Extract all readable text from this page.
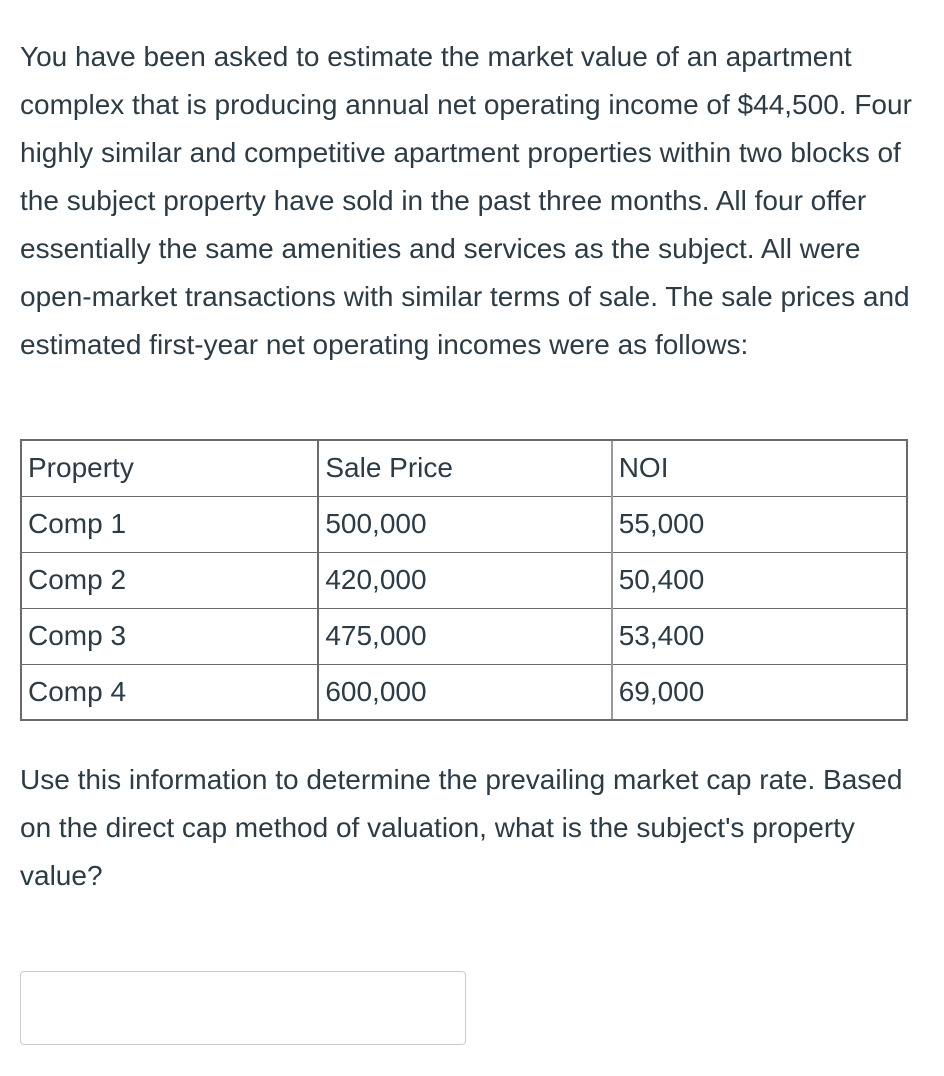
You have been asked to estimate the market value of an apartment complex that is producing annual net operating income of $44,500. Four highly similar and competitive apartment properties within two blocks of the subject property have sold in the past three months. All four offer essentially the same amenities and services as the subject. All were open-market transactions with similar terms of sale. The sale prices and estimated first-year net operating incomes were as follows:

Property	Sale Price	NOI
Comp 1	500,000	55,000
Comp 2	420,000	50,400
Comp 3	475,000	53,400
Comp 4	600,000	69,000

Use this information to determine the prevailing market cap rate. Based on the direct cap method of valuation, what is the subject's property value?
